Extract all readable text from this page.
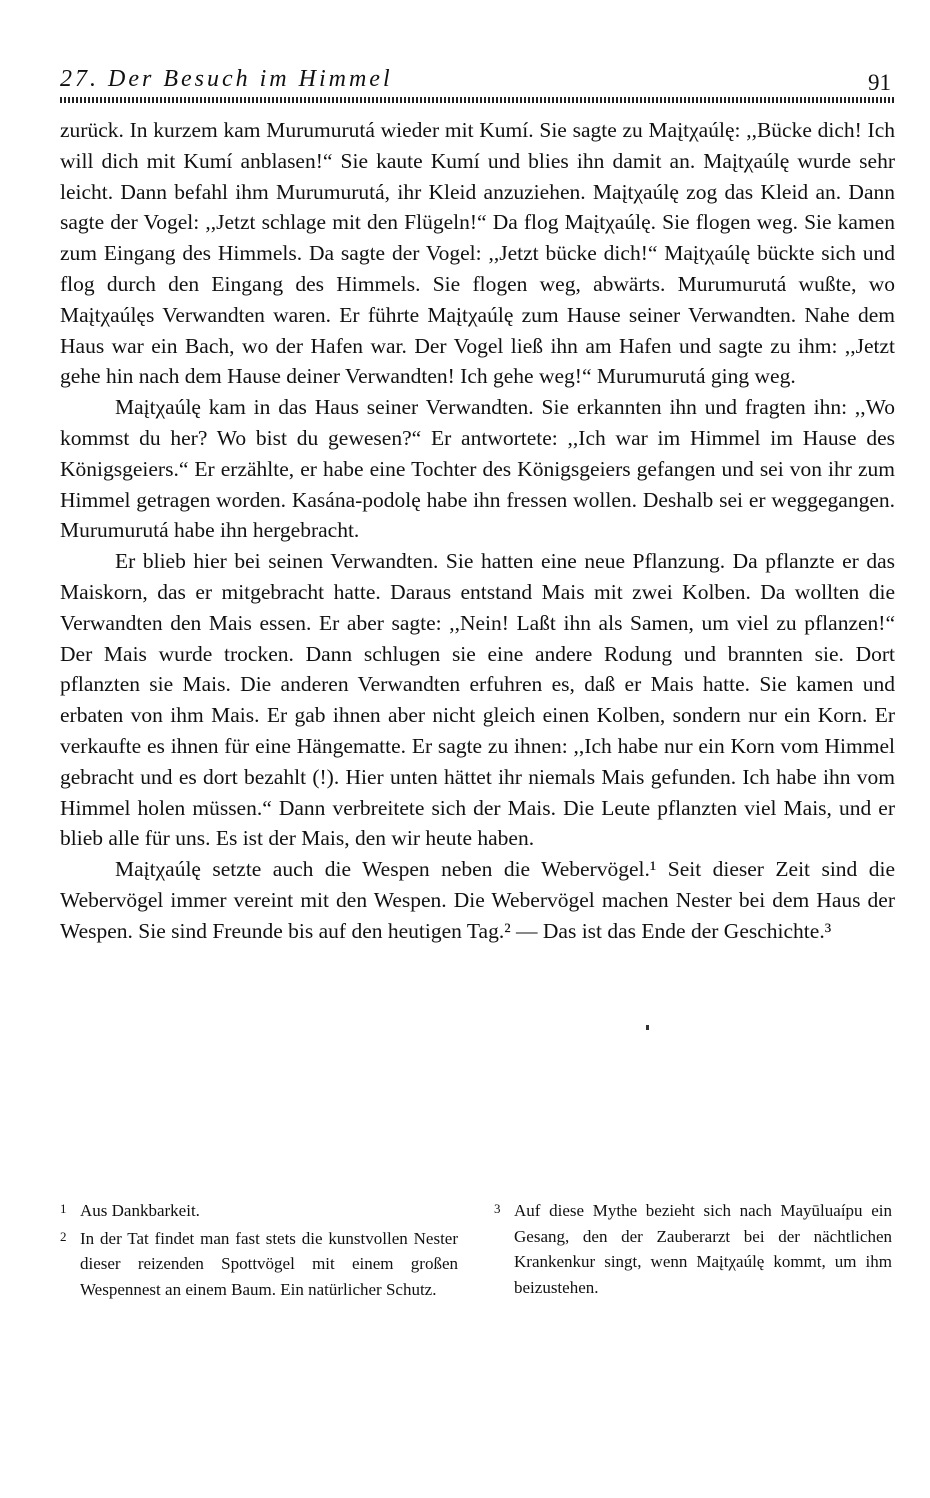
27. Der Besuch im Himmel	91

zurück. In kurzem kam Murumurutá wieder mit Kumí. Sie sagte zu Maįtχaúlę: ,,Bücke dich! Ich will dich mit Kumí anblasen!“ Sie kaute Kumí und blies ihn damit an. Maįtχaúlę wurde sehr leicht. Dann befahl ihm Murumurutá, ihr Kleid anzuziehen. Maįtχaúlę zog das Kleid an. Dann sagte der Vogel: ,,Jetzt schlage mit den Flügeln!“ Da flog Maįtχaúlę. Sie flogen weg. Sie kamen zum Eingang des Himmels. Da sagte der Vogel: ,,Jetzt bücke dich!“ Maįtχaúlę bückte sich und flog durch den Eingang des Himmels. Sie flogen weg, abwärts. Murumurutá wußte, wo Maįtχaúlęs Verwandten waren. Er führte Maįtχaúlę zum Hause seiner Verwandten. Nahe dem Haus war ein Bach, wo der Hafen war. Der Vogel ließ ihn am Hafen und sagte zu ihm: ,,Jetzt gehe hin nach dem Hause deiner Verwandten! Ich gehe weg!“ Murumurutá ging weg.

Maįtχaúlę kam in das Haus seiner Verwandten. Sie erkannten ihn und fragten ihn: ,,Wo kommst du her? Wo bist du gewesen?“ Er antwortete: ,,Ich war im Himmel im Hause des Königsgeiers.“ Er erzählte, er habe eine Tochter des Königsgeiers gefangen und sei von ihr zum Himmel getragen worden. Kasána-podolę habe ihn fressen wollen. Deshalb sei er weggegangen. Murumurutá habe ihn hergebracht.

Er blieb hier bei seinen Verwandten. Sie hatten eine neue Pflanzung. Da pflanzte er das Maiskorn, das er mitgebracht hatte. Daraus entstand Mais mit zwei Kolben. Da wollten die Verwandten den Mais essen. Er aber sagte: ,,Nein! Laßt ihn als Samen, um viel zu pflanzen!“ Der Mais wurde trocken. Dann schlugen sie eine andere Rodung und brannten sie. Dort pflanzten sie Mais. Die anderen Verwandten erfuhren es, daß er Mais hatte. Sie kamen und erbaten von ihm Mais. Er gab ihnen aber nicht gleich einen Kolben, sondern nur ein Korn. Er verkaufte es ihnen für eine Hängematte. Er sagte zu ihnen: ,,Ich habe nur ein Korn vom Himmel gebracht und es dort bezahlt (!). Hier unten hättet ihr niemals Mais gefunden. Ich habe ihn vom Himmel holen müssen.“ Dann verbreitete sich der Mais. Die Leute pflanzten viel Mais, und er blieb alle für uns. Es ist der Mais, den wir heute haben.

Maįtχaúlę setzte auch die Wespen neben die Webervögel.¹ Seit dieser Zeit sind die Webervögel immer vereint mit den Wespen. Die Webervögel machen Nester bei dem Haus der Wespen. Sie sind Freunde bis auf den heutigen Tag.² — Das ist das Ende der Geschichte.³

1 Aus Dankbarkeit.

2 In der Tat findet man fast stets die kunstvollen Nester dieser reizenden Spottvögel mit einem großen Wespennest an einem Baum. Ein natürlicher Schutz.

3 Auf diese Mythe bezieht sich nach Mayūluaípu ein Gesang, den der Zauberarzt bei der nächtlichen Krankenkur singt, wenn Maįtχaúlę kommt, um ihm beizustehen.
